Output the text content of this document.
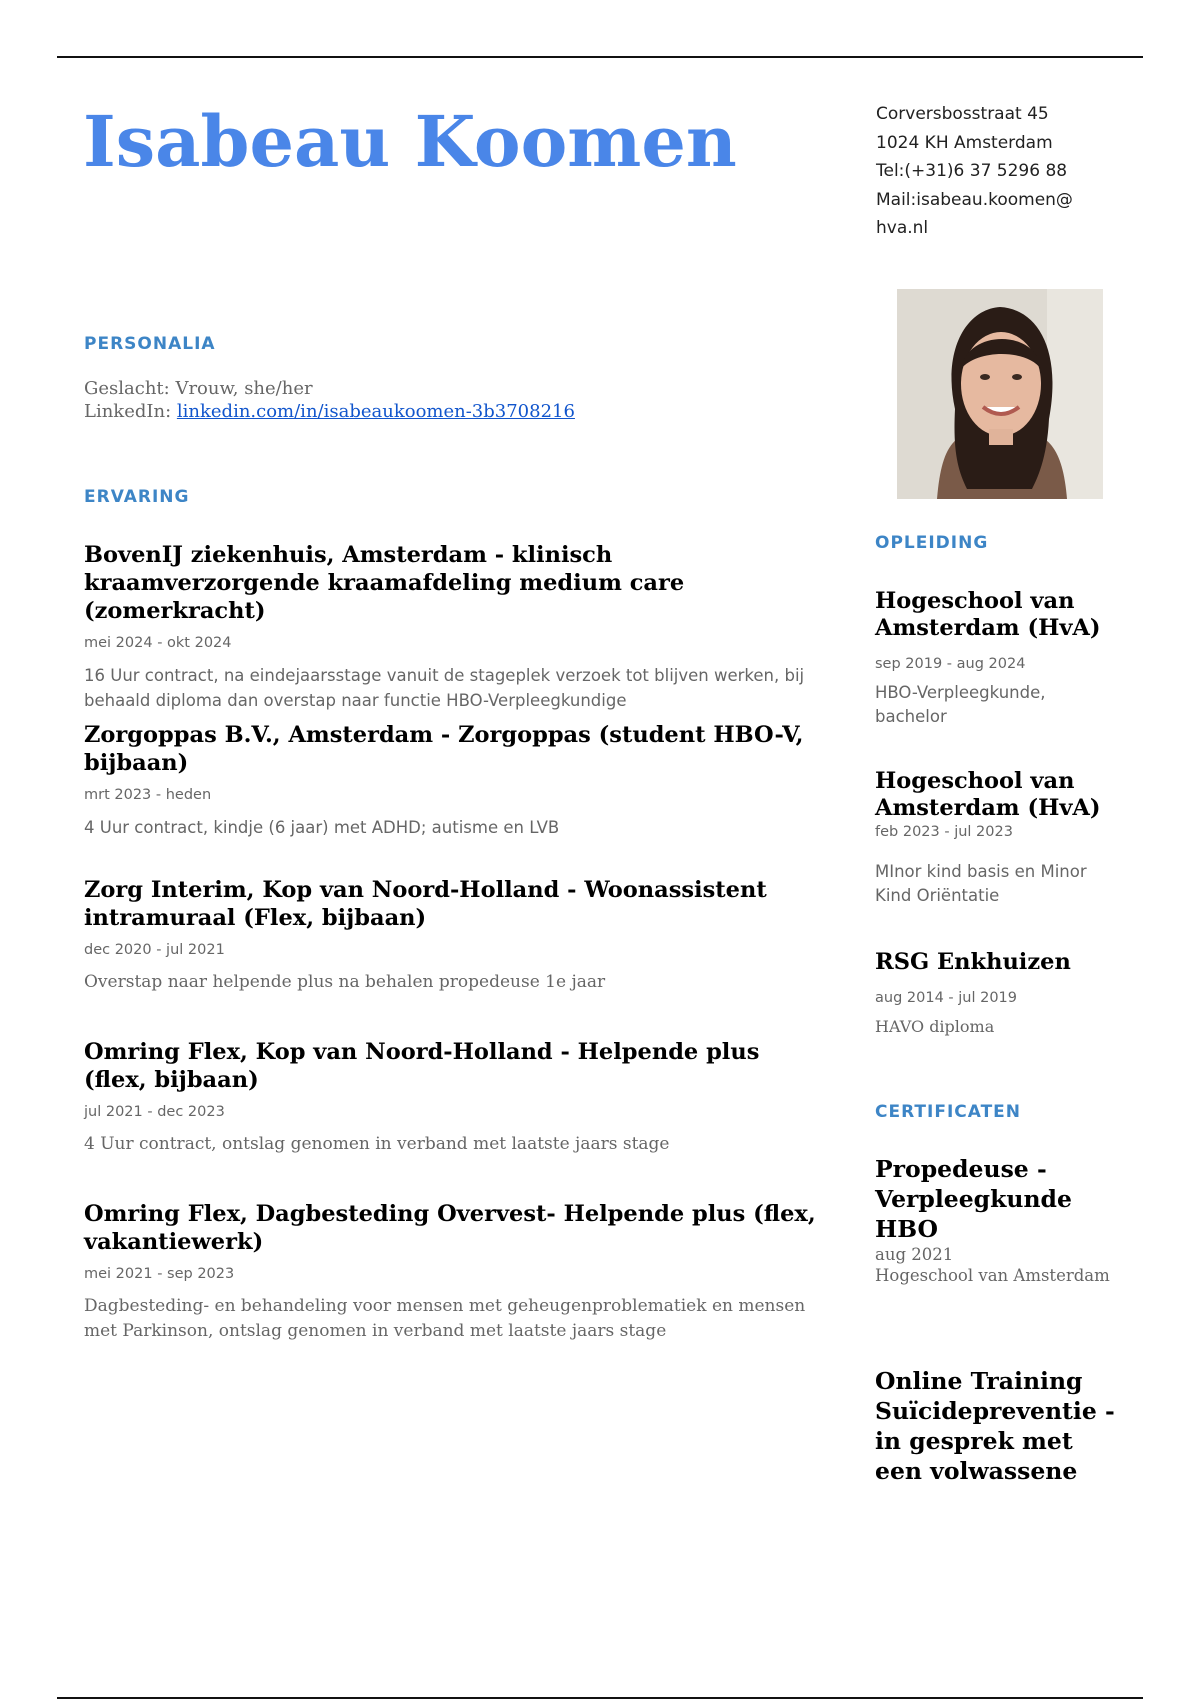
Isabeau Koomen	Corversbosstraat 45
1024 KH Amsterdam
Tel:(+31)6 37 5296 88
Mail:isabeau.koomen@
hva.nl
PERSONALIA
Geslacht: Vrouw, she/her
LinkedIn: linkedin.com/in/isabeaukoomen-3b3708216
ERVARING
BovenIJ ziekenhuis, Amsterdam - klinisch kraamverzorgende kraamafdeling medium care (zomerkracht)
mei 2024 - okt 2024
16 Uur contract, na eindejaarsstage vanuit de stageplek verzoek tot blijven werken, bij behaald diploma dan overstap naar functie HBO-Verpleegkundige
Zorgoppas B.V., Amsterdam - Zorgoppas (student HBO-V, bijbaan)
mrt 2023 - heden
4 Uur contract, kindje (6 jaar) met ADHD; autisme en LVB
Zorg Interim, Kop van Noord-Holland - Woonassistent intramuraal (Flex, bijbaan)
dec 2020 - jul 2021
Overstap naar helpende plus na behalen propedeuse 1e jaar
Omring Flex, Kop van Noord-Holland - Helpende plus (flex, bijbaan)
jul 2021 - dec 2023
4 Uur contract, ontslag genomen in verband met laatste jaars stage
Omring Flex, Dagbesteding Overvest- Helpende plus (flex, vakantiewerk)
mei 2021 - sep 2023
Dagbesteding- en behandeling voor mensen met geheugenproblematiek en mensen met Parkinson, ontslag genomen in verband met laatste jaars stage
OPLEIDING
Hogeschool van Amsterdam (HvA)
sep 2019 - aug 2024
HBO-Verpleegkunde, bachelor
Hogeschool van Amsterdam (HvA)
feb 2023 - jul 2023
MInor kind basis en Minor Kind Oriëntatie
RSG Enkhuizen
aug 2014 - jul 2019
HAVO diploma
CERTIFICATEN
Propedeuse - Verpleegkunde HBO
aug 2021
Hogeschool van Amsterdam
Online Training Suïcidepreventie - in gesprek met een volwassene
